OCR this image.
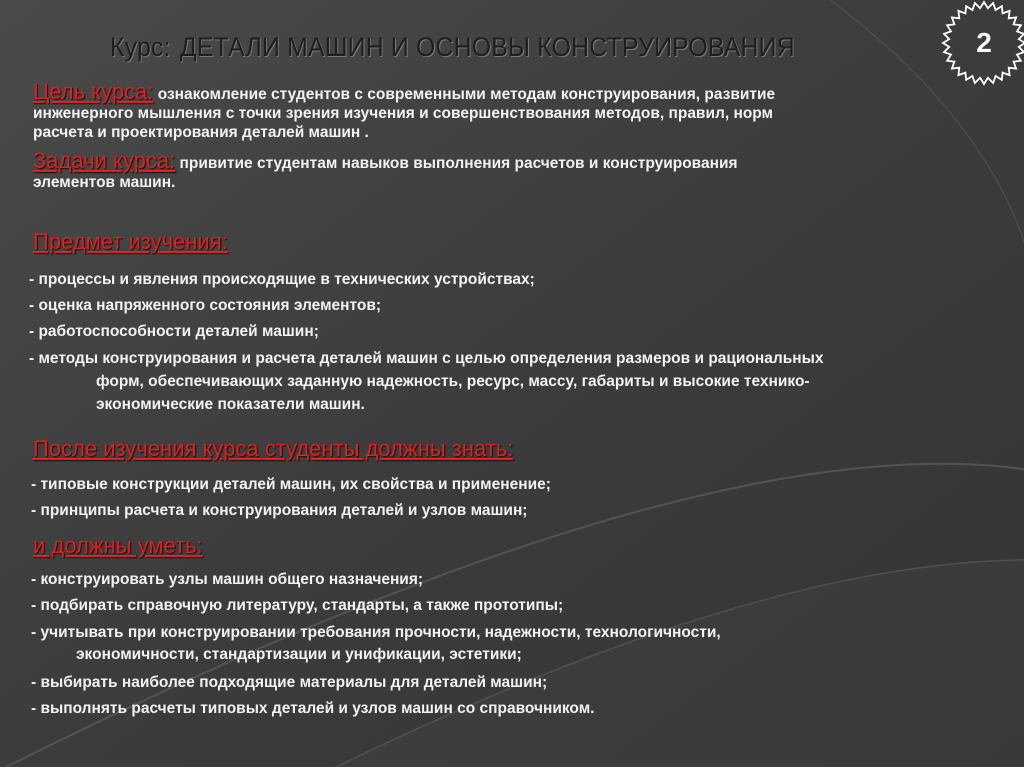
Курс: ДЕТАЛИ МАШИН И ОСНОВЫ КОНСТРУИРОВАНИЯ	2

Цель курса: ознакомление студентов с современными методам конструирования, развитие

инженерного мышления с точки зрения изучения и совершенствования методов, правил, норм

расчета и проектирования деталей машин .

Задачи курса: привитие студентам навыков выполнения расчетов и конструирования

элементов машин.

Предмет изучения:

- процессы и явления происходящие в технических устройствах;

- оценка напряженного состояния элементов;

- работоспособности деталей машин;

- методы конструирования и расчета деталей машин с целью определения размеров и рациональных

форм, обеспечивающих заданную надежность, ресурс, массу, габариты и высокие технико-

экономические показатели машин.

После изучения курса студенты должны знать:

- типовые конструкции деталей машин, их свойства и применение;

- принципы расчета и конструирования деталей и узлов машин;

и должны уметь:

- конструировать узлы машин общего назначения;

- подбирать справочную литературу, стандарты, а также прототипы;

- учитывать при конструировании требования прочности, надежности, технологичности,

экономичности, стандартизации и унификации, эстетики;

- выбирать наиболее подходящие материалы для деталей машин;

- выполнять расчеты типовых деталей и узлов машин со справочником.
